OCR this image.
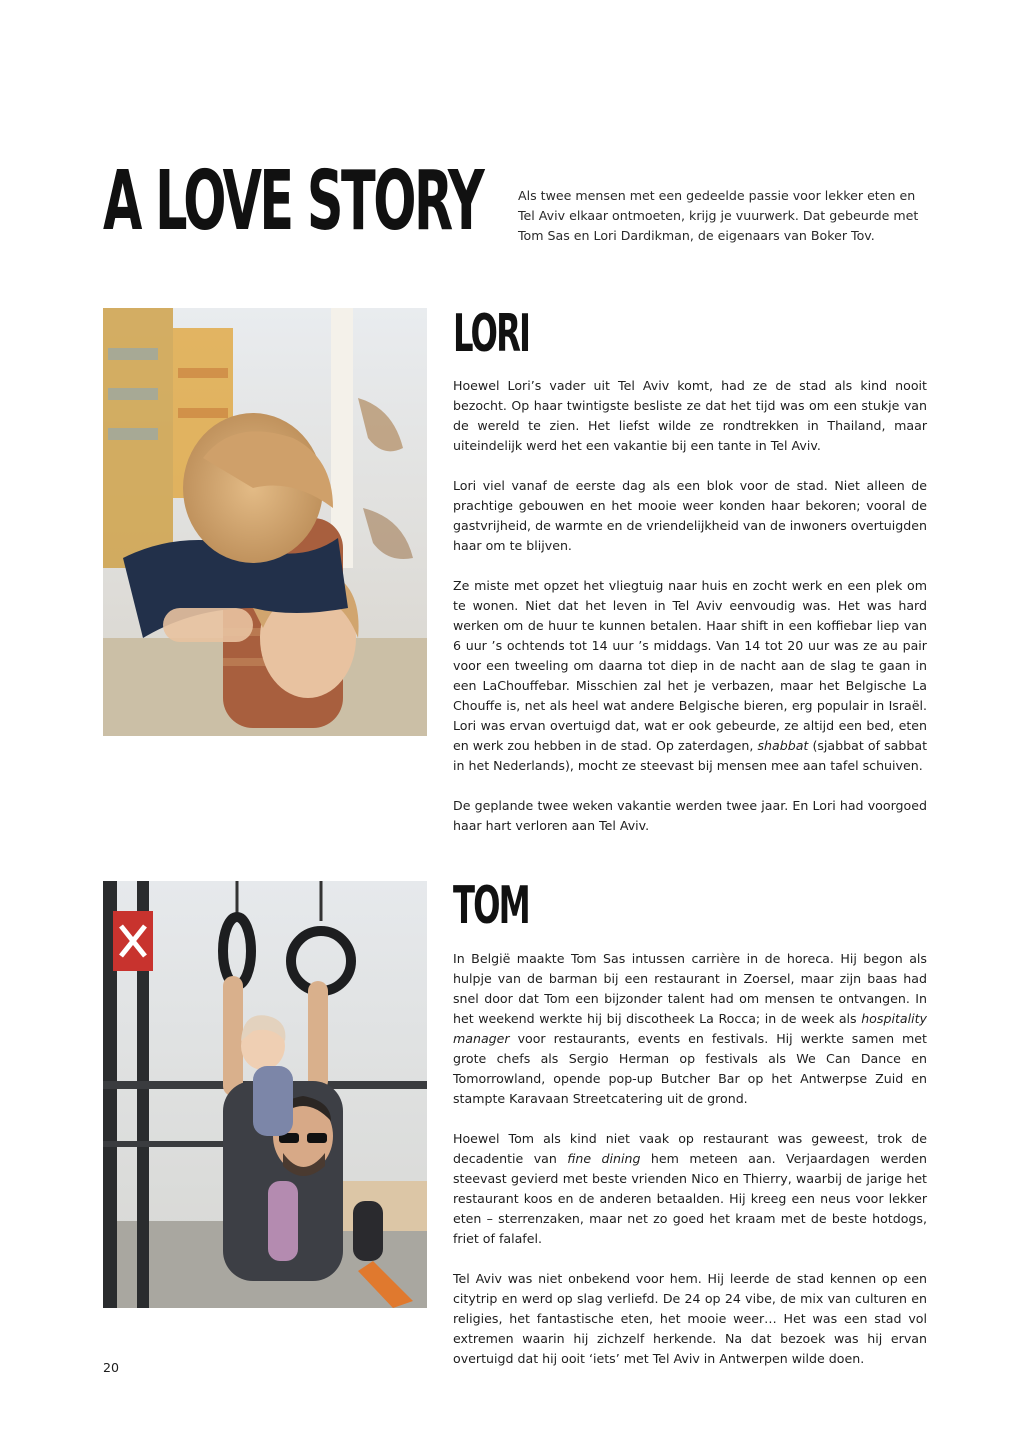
A LOVE STORY	Als twee mensen met een gedeelde passie voor lekker eten en Tel Aviv elkaar ontmoeten, krijg je vuurwerk. Dat gebeurde met Tom Sas en Lori Dardikman, de eigenaars van Boker Tov.

LORI

Hoewel Lori’s vader uit Tel Aviv komt, had ze de stad als kind nooit bezocht. Op haar twintigste besliste ze dat het tijd was om een stukje van de wereld te zien. Het liefst wilde ze rondtrekken in Thailand, maar uiteindelijk werd het een vakantie bij een tante in Tel Aviv.

Lori viel vanaf de eerste dag als een blok voor de stad. Niet alleen de prachtige gebouwen en het mooie weer konden haar bekoren; vooral de gastvrijheid, de warmte en de vriendelijkheid van de inwoners overtuigden haar om te blijven.

Ze miste met opzet het vliegtuig naar huis en zocht werk en een plek om te wonen. Niet dat het leven in Tel Aviv eenvoudig was. Het was hard werken om de huur te kunnen betalen. Haar shift in een koffiebar liep van 6 uur ’s ochtends tot 14 uur ’s middags. Van 14 tot 20 uur was ze au pair voor een tweeling om daarna tot diep in de nacht aan de slag te gaan in een LaChouffebar. Misschien zal het je verbazen, maar het Belgische La Chouffe is, net als heel wat andere Belgische bieren, erg populair in Israël. Lori was ervan overtuigd dat, wat er ook gebeurde, ze altijd een bed, eten en werk zou hebben in de stad. Op zaterdagen, shabbat (sjabbat of sabbat in het Nederlands), mocht ze steevast bij mensen mee aan tafel schuiven.

De geplande twee weken vakantie werden twee jaar. En Lori had voorgoed haar hart verloren aan Tel Aviv.

TOM

In België maakte Tom Sas intussen carrière in de horeca. Hij begon als hulpje van de barman bij een restaurant in Zoersel, maar zijn baas had snel door dat Tom een bijzonder talent had om mensen te ontvangen. In het weekend werkte hij bij discotheek La Rocca; in de week als hospitality manager voor restaurants, events en festivals. Hij werkte samen met grote chefs als Sergio Herman op festivals als We Can Dance en Tomorrowland, opende pop-up Butcher Bar op het Antwerpse Zuid en stampte Karavaan Streetcatering uit de grond.

Hoewel Tom als kind niet vaak op restaurant was geweest, trok de decadentie van fine dining hem meteen aan. Verjaardagen werden steevast gevierd met beste vrienden Nico en Thierry, waarbij de jarige het restaurant koos en de anderen betaalden. Hij kreeg een neus voor lekker eten – sterrenzaken, maar net zo goed het kraam met de beste hotdogs, friet of falafel.

Tel Aviv was niet onbekend voor hem. Hij leerde de stad kennen op een citytrip en werd op slag verliefd. De 24 op 24 vibe, de mix van culturen en religies, het fantastische eten, het mooie weer… Het was een stad vol extremen waarin hij zichzelf herkende. Na dat bezoek was hij ervan overtuigd dat hij ooit ‘iets’ met Tel Aviv in Antwerpen wilde doen.

20
